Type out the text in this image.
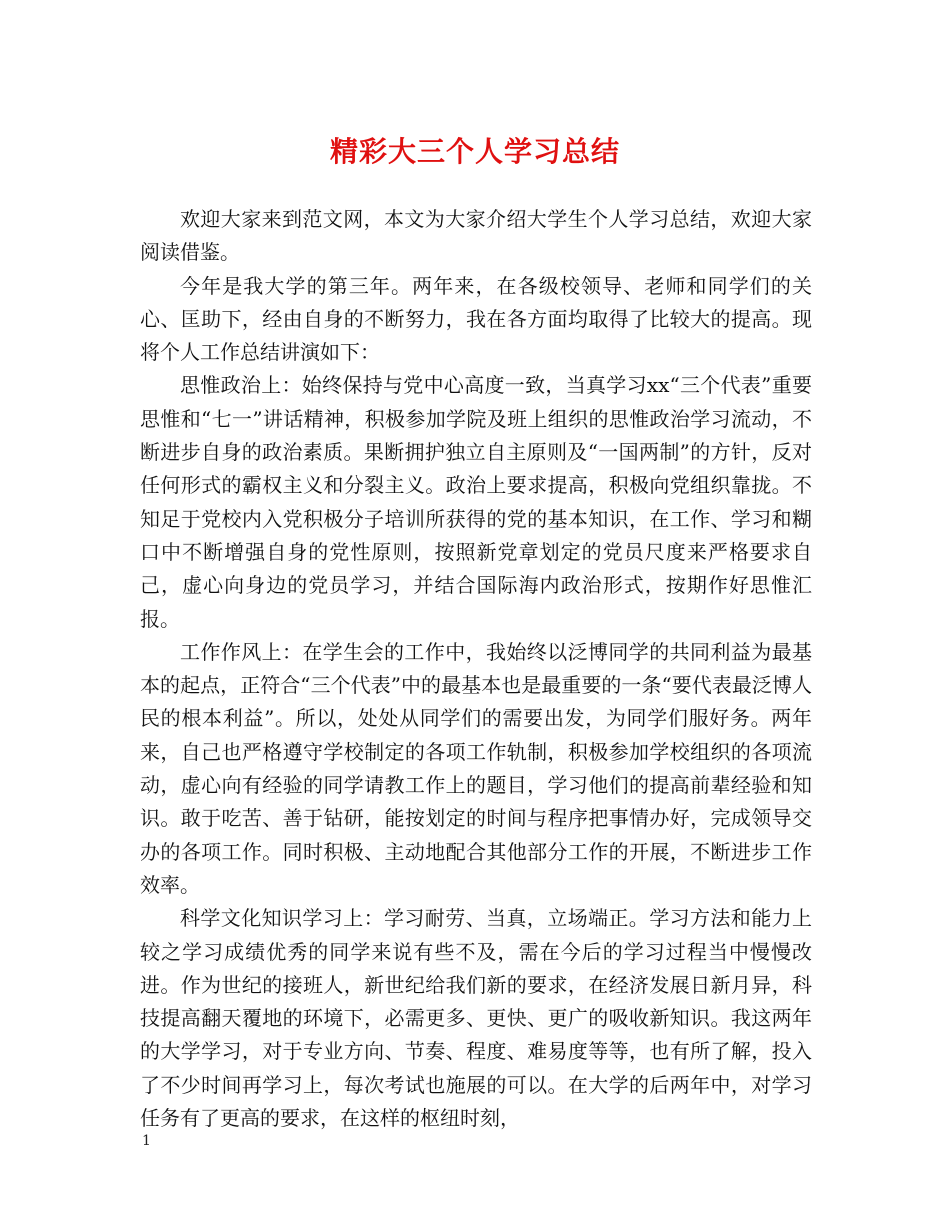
精彩大三个人学习总结

欢迎大家来到范文网，本文为大家介绍大学生个人学习总结，欢迎大家阅读借鉴。

今年是我大学的第三年。两年来，在各级校领导、老师和同学们的关心、匡助下，经由自身的不断努力，我在各方面均取得了比较大的提高。现将个人工作总结讲演如下：

思惟政治上：始终保持与党中心高度一致，当真学习xx“三个代表”重要思惟和“七一”讲话精神，积极参加学院及班上组织的思惟政治学习流动，不断进步自身的政治素质。果断拥护独立自主原则及“一国两制”的方针，反对任何形式的霸权主义和分裂主义。政治上要求提高，积极向党组织靠拢。不知足于党校内入党积极分子培训所获得的党的基本知识，在工作、学习和糊口中不断增强自身的党性原则，按照新党章划定的党员尺度来严格要求自己，虚心向身边的党员学习，并结合国际海内政治形式，按期作好思惟汇报。

工作作风上：在学生会的工作中，我始终以泛博同学的共同利益为最基本的起点，正符合“三个代表”中的最基本也是最重要的一条“要代表最泛博人民的根本利益”。所以，处处从同学们的需要出发，为同学们服好务。两年来，自己也严格遵守学校制定的各项工作轨制，积极参加学校组织的各项流动，虚心向有经验的同学请教工作上的题目，学习他们的提高前辈经验和知识。敢于吃苦、善于钻研，能按划定的时间与程序把事情办好，完成领导交办的各项工作。同时积极、主动地配合其他部分工作的开展，不断进步工作效率。

科学文化知识学习上：学习耐劳、当真，立场端正。学习方法和能力上较之学习成绩优秀的同学来说有些不及，需在今后的学习过程当中慢慢改进。作为世纪的接班人，新世纪给我们新的要求，在经济发展日新月异，科技提高翻天覆地的环境下，必需更多、更快、更广的吸收新知识。我这两年的大学学习，对于专业方向、节奏、程度、难易度等等，也有所了解，投入了不少时间再学习上，每次考试也施展的可以。在大学的后两年中，对学习任务有了更高的要求，在这样的枢纽时刻，

1
